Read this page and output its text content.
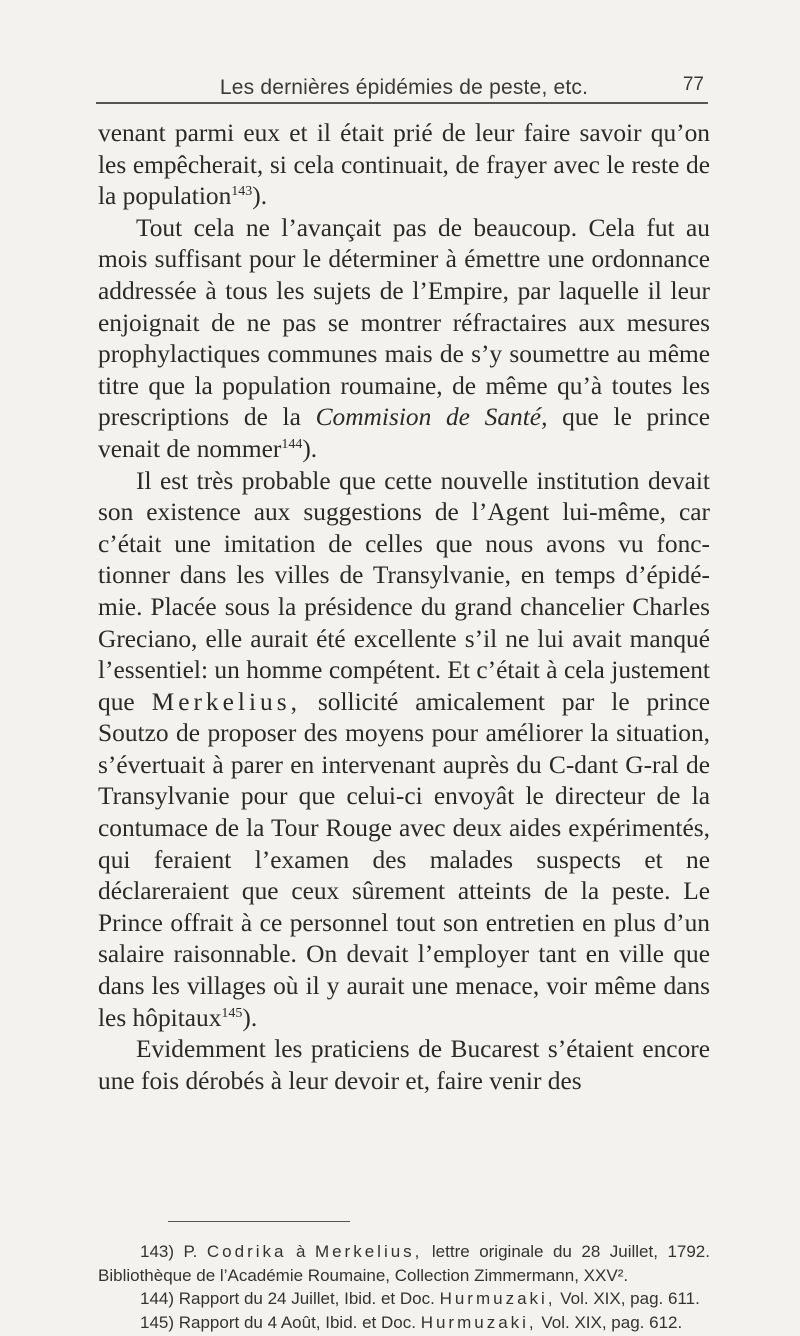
Les dernières épidémies de peste, etc.	77

venant parmi eux et il était prié de leur faire savoir qu’on les empêcherait, si cela continuait, de frayer avec le reste de la population$^{143}$).

Tout cela ne l’avançait pas de beaucoup. Cela fut au mois suffisant pour le déterminer à émettre une ordonnance addressée à tous les sujets de l’Empire, par laquelle il leur enjoignait de ne pas se montrer réfractaires aux mesures prophylactiques communes mais de s’y soumettre au même titre que la population roumaine, de même qu’à toutes les prescriptions de la Commision de Santé, que le prince venait de nommer$^{144}$).

Il est très probable que cette nouvelle institution devait son existence aux suggestions de l’Agent lui-même, car c’était une imitation de celles que nous avons vu fonctionner dans les villes de Transylvanie, en temps d’épidémie. Placée sous la présidence du grand chancelier Charles Greciano, elle aurait été excellente s’il ne lui avait manqué l’essentiel: un homme compétent. Et c’était à cela justement que Merkelius, sollicité amicalement par le prince Soutzo de proposer des moyens pour améliorer la situation, s’évertuait à parer en intervenant auprès du C-dant G-ral de Transylvanie pour que celui-ci envoyât le directeur de la contumace de la Tour Rouge avec deux aides expérimentés, qui feraient l’examen des malades suspects et ne déclareraient que ceux sûrement atteints de la peste. Le Prince offrait à ce personnel tout son entretien en plus d’un salaire raisonnable. On devait l’employer tant en ville que dans les villages où il y aurait une menace, voir même dans les hôpitaux$^{145}$).

Evidemment les praticiens de Bucarest s’étaient encore une fois dérobés à leur devoir et, faire venir des

143) P. Codrika à Merkelius, lettre originale du 28 Juillet, 1792. Bibliothèque de l’Académie Roumaine, Collection Zimmermann, XXV².

144) Rapport du 24 Juillet, Ibid. et Doc. Hurmuzaki, Vol. XIX, pag. 611.

145) Rapport du 4 Août, Ibid. et Doc. Hurmuzaki, Vol. XIX, pag. 612.
